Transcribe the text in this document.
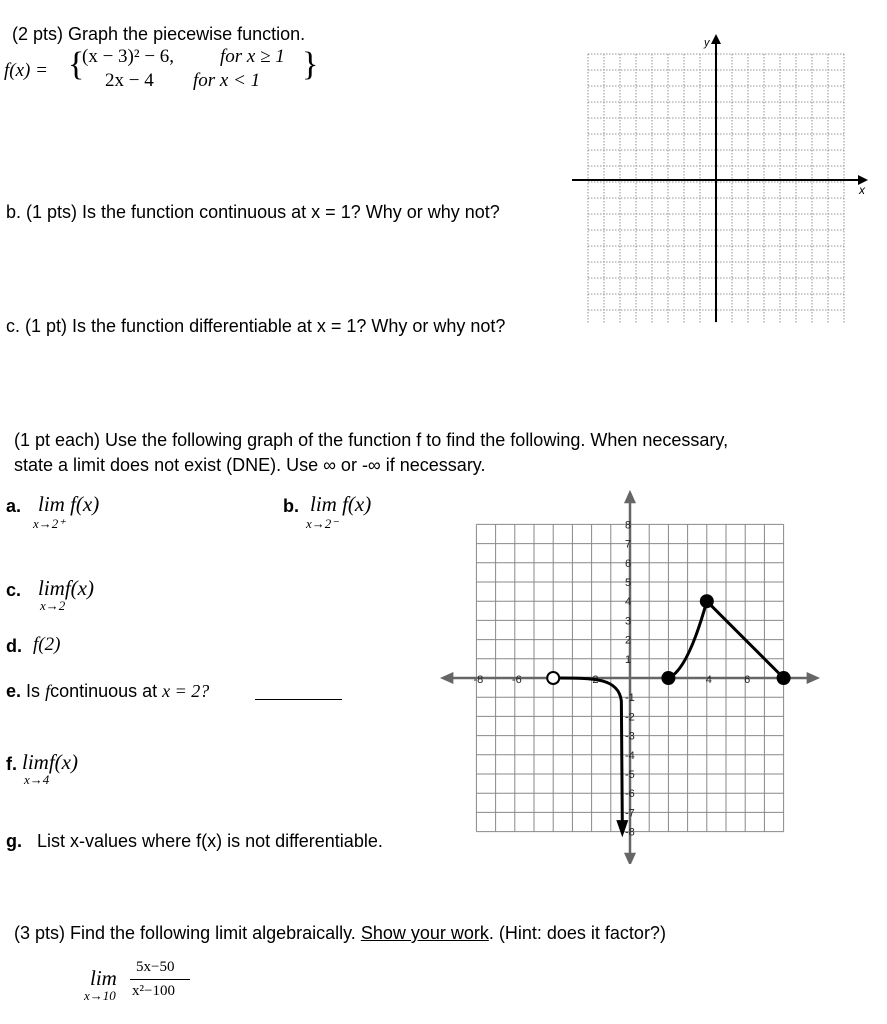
(2 pts) Graph the piecewise function.
f(x) = {
(x − 3)² − 6, for x ≥ 1
2x − 4 for x < 1 }
b. (1 pts) Is the function continuous at x = 1? Why or why not?
c. (1 pt) Is the function differentiable at x = 1? Why or why not?
y
x
(1 pt each) Use the following graph of the function f to find the following. When necessary,
state a limit does not exist (DNE). Use ∞ or -∞ if necessary.
a. lim f(x)
x→2⁺
b. lim f(x)
x→2⁻
c. limf(x)
x→2
d. f(2)
e. Is fcontinuous at x = 2?
f. limf(x)
x→4
g. List x-values where f(x) is not differentiable.
-8	-6	-2	4	6
8
7
6
5
4
3
2
1
-1
-2
-3
-4
-5
-6
-7
-8
(3 pts) Find the following limit algebraically. Show your work. (Hint: does it factor?)
lim
x→10
5x−50
x²−100
